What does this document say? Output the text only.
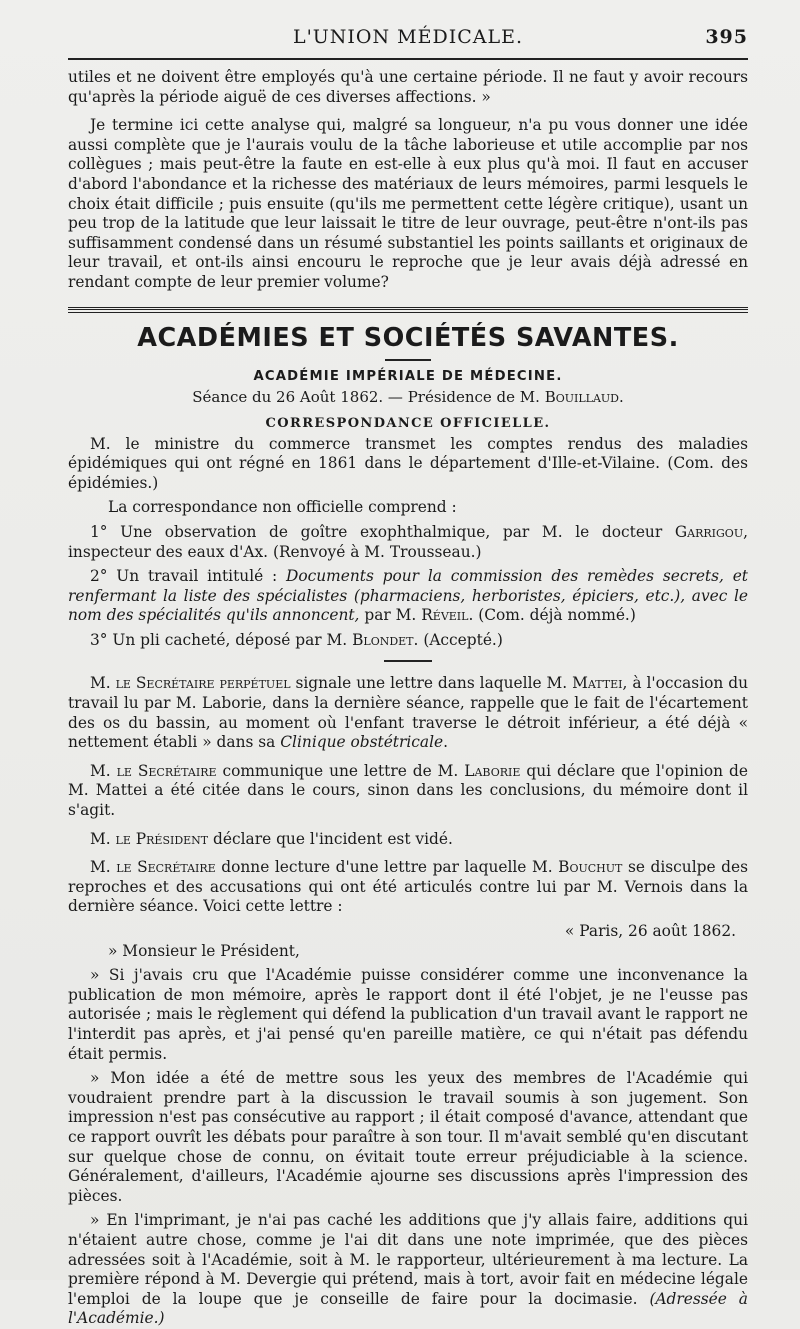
L'UNION MÉDICALE.	395

utiles et ne doivent être employés qu'à une certaine période. Il ne faut y avoir recours qu'après la période aiguë de ces diverses affections. »

Je termine ici cette analyse qui, malgré sa longueur, n'a pu vous donner une idée aussi complète que je l'aurais voulu de la tâche laborieuse et utile accomplie par nos collègues ; mais peut-être la faute en est-elle à eux plus qu'à moi. Il faut en accuser d'abord l'abondance et la richesse des matériaux de leurs mémoires, parmi lesquels le choix était difficile ; puis ensuite (qu'ils me permettent cette légère critique), usant un peu trop de la latitude que leur laissait le titre de leur ouvrage, peut-être n'ont-ils pas suffisamment condensé dans un résumé substantiel les points saillants et originaux de leur travail, et ont-ils ainsi encouru le reproche que je leur avais déjà adressé en rendant compte de leur premier volume?

ACADÉMIES ET SOCIÉTÉS SAVANTES.
ACADÉMIE IMPÉRIALE DE MÉDECINE.
Séance du 26 Août 1862. — Présidence de M. Bouillaud.
CORRESPONDANCE OFFICIELLE.

M. le ministre du commerce transmet les comptes rendus des maladies épidémiques qui ont régné en 1861 dans le département d'Ille-et-Vilaine. (Com. des épidémies.)

La correspondance non officielle comprend :

1° Une observation de goître exophthalmique, par M. le docteur Garrigou, inspecteur des eaux d'Ax. (Renvoyé à M. Trousseau.)

2° Un travail intitulé : Documents pour la commission des remèdes secrets, et renfermant la liste des spécialistes (pharmaciens, herboristes, épiciers, etc.), avec le nom des spécialités qu'ils annoncent, par M. Réveil. (Com. déjà nommé.)

3° Un pli cacheté, déposé par M. Blondet. (Accepté.)

M. le Secrétaire perpétuel signale une lettre dans laquelle M. Mattei, à l'occasion du travail lu par M. Laborie, dans la dernière séance, rappelle que le fait de l'écartement des os du bassin, au moment où l'enfant traverse le détroit inférieur, a été déjà « nettement établi » dans sa Clinique obstétricale.

M. le Secrétaire communique une lettre de M. Laborie qui déclare que l'opinion de M. Mattei a été citée dans le cours, sinon dans les conclusions, du mémoire dont il s'agit.

M. le Président déclare que l'incident est vidé.

M. le Secrétaire donne lecture d'une lettre par laquelle M. Bouchut se disculpe des reproches et des accusations qui ont été articulés contre lui par M. Vernois dans la dernière séance. Voici cette lettre :

« Paris, 26 août 1862.

» Monsieur le Président,

» Si j'avais cru que l'Académie puisse considérer comme une inconvenance la publication de mon mémoire, après le rapport dont il été l'objet, je ne l'eusse pas autorisée ; mais le règlement qui défend la publication d'un travail avant le rapport ne l'interdit pas après, et j'ai pensé qu'en pareille matière, ce qui n'était pas défendu était permis.

» Mon idée a été de mettre sous les yeux des membres de l'Académie qui voudraient prendre part à la discussion le travail soumis à son jugement. Son impression n'est pas consécutive au rapport ; il était composé d'avance, attendant que ce rapport ouvrît les débats pour paraître à son tour. Il m'avait semblé qu'en discutant sur quelque chose de connu, on évitait toute erreur préjudiciable à la science. Généralement, d'ailleurs, l'Académie ajourne ses discussions après l'impression des pièces.

» En l'imprimant, je n'ai pas caché les additions que j'y allais faire, additions qui n'étaient autre chose, comme je l'ai dit dans une note imprimée, que des pièces adressées soit à l'Académie, soit à M. le rapporteur, ultérieurement à ma lecture. La première répond à M. Devergie qui prétend, mais à tort, avoir fait en médecine légale l'emploi de la loupe que je conseille de faire pour la docimasie. (Adressée à l'Académie.)
